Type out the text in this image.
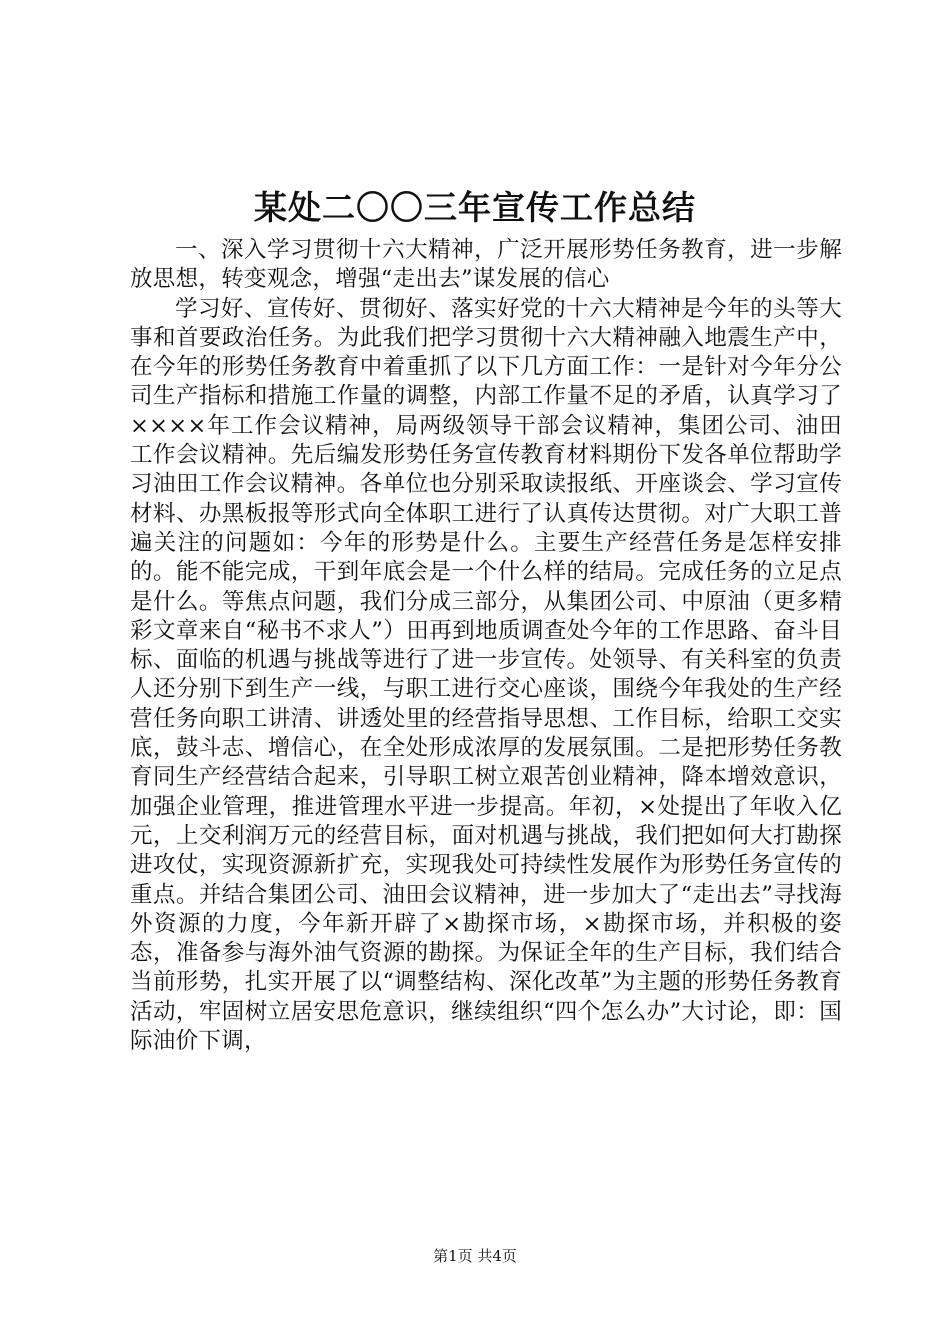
某处二〇〇三年宣传工作总结

一、深入学习贯彻十六大精神，广泛开展形势任务教育，进一步解放思想，转变观念，增强“走出去”谋发展的信心

学习好、宣传好、贯彻好、落实好党的十六大精神是今年的头等大事和首要政治任务。为此我们把学习贯彻十六大精神融入地震生产中，在今年的形势任务教育中着重抓了以下几方面工作：一是针对今年分公司生产指标和措施工作量的调整，内部工作量不足的矛盾，认真学习了××××年工作会议精神，局两级领导干部会议精神，集团公司、油田工作会议精神。先后编发形势任务宣传教育材料期份下发各单位帮助学习油田工作会议精神。各单位也分别采取读报纸、开座谈会、学习宣传材料、办黑板报等形式向全体职工进行了认真传达贯彻。对广大职工普遍关注的问题如：今年的形势是什么。主要生产经营任务是怎样安排的。能不能完成，干到年底会是一个什么样的结局。完成任务的立足点是什么。等焦点问题，我们分成三部分，从集团公司、中原油（更多精彩文章来自“秘书不求人”）田再到地质调查处今年的工作思路、奋斗目标、面临的机遇与挑战等进行了进一步宣传。处领导、有关科室的负责人还分别下到生产一线，与职工进行交心座谈，围绕今年我处的生产经营任务向职工讲清、讲透处里的经营指导思想、工作目标，给职工交实底，鼓斗志、增信心，在全处形成浓厚的发展氛围。二是把形势任务教育同生产经营结合起来，引导职工树立艰苦创业精神，降本增效意识，加强企业管理，推进管理水平进一步提高。年初，×处提出了年收入亿元，上交利润万元的经营目标，面对机遇与挑战，我们把如何大打勘探进攻仗，实现资源新扩充，实现我处可持续性发展作为形势任务宣传的重点。并结合集团公司、油田会议精神，进一步加大了“走出去”寻找海外资源的力度，今年新开辟了×勘探市场，×勘探市场，并积极的姿态，准备参与海外油气资源的勘探。为保证全年的生产目标，我们结合当前形势，扎实开展了以“调整结构、深化改革”为主题的形势任务教育活动，牢固树立居安思危意识，继续组织“四个怎么办”大讨论，即：国际油价下调，

第1页 共4页
